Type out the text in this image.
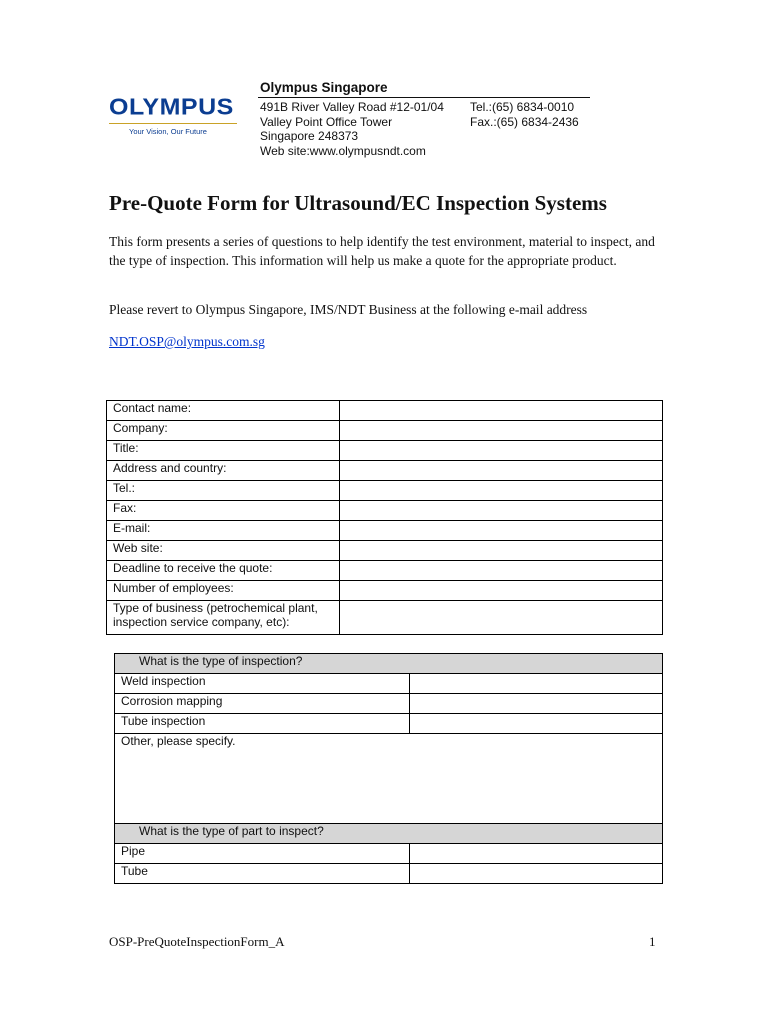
OLYMPUS
Your Vision, Our Future
Olympus Singapore
491B River Valley Road #12-01/04
Valley Point Office Tower
Singapore 248373
Web site:www.olympusndt.com
Tel.:(65) 6834-0010
Fax.:(65) 6834-2436
Pre-Quote Form for Ultrasound/EC Inspection Systems
This form presents a series of questions to help identify the test environment, material to inspect, and the type of inspection. This information will help us make a quote for the appropriate product.
Please revert to Olympus Singapore, IMS/NDT Business at the following e-mail address
NDT.OSP@olympus.com.sg
Contact name:	
Company:	
Title:	
Address and country:	
Tel.:	
Fax:	
E-mail:	
Web site:	
Deadline to receive the quote:	
Number of employees:	
Type of business (petrochemical plant, inspection service company, etc):	
What is the type of inspection?	
Weld inspection	
Corrosion mapping	
Tube inspection	
Other, please specify.	
What is the type of part to inspect?	
Pipe	
Tube	
OSP-PreQuoteInspectionForm_A	1
